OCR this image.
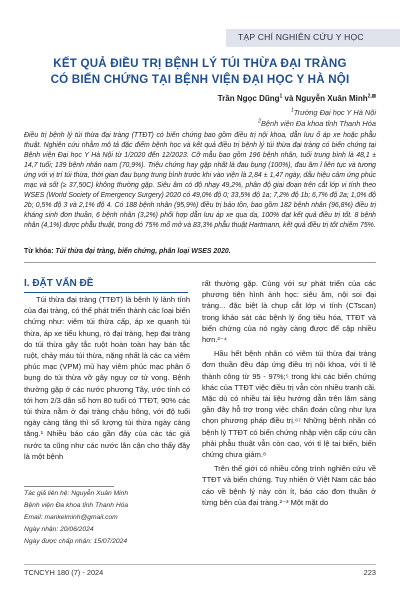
TẠP CHÍ NGHIÊN CỨU Y HỌC
KẾT QUẢ ĐIỀU TRỊ BỆNH LÝ TÚI THỪA ĐẠI TRÀNG
CÓ BIẾN CHỨNG TẠI BỆNH VIỆN ĐẠI HỌC Y HÀ NỘI
Trần Ngọc Dũng$^1$ và Nguyễn Xuân Minh$^{2,⊠}$
$^1$Trường Đại học Y Hà Nội
$^2$Bệnh viện Đa khoa tỉnh Thanh Hóa
Điều trị bệnh lý túi thừa đại tràng (TTĐT) có biến chứng bao gồm điều trị nội khoa, dẫn lưu ổ áp xe hoặc phẫu thuật. Nghiên cứu nhằm mô tả đặc điểm bệnh học và kết quả điều trị bệnh lý túi thừa đại tràng có biến chứng tại Bệnh viện Đại học Y Hà Nội từ 1/2020 đến 12/2023. Cỡ mẫu bao gồm 196 bệnh nhân, tuổi trung bình là 48,1 ± 14,7 tuổi; 139 bệnh nhân nam (70,9%). Triệu chứng hay gặp nhất là đau bụng (100%), đau âm ỉ liên tục và tương ứng với vị trí túi thừa, thời gian đau bụng trung bình trước khi vào viện là 2,84 ± 1,47 ngày, dấu hiệu cảm ứng phúc mạc và sốt (≥ 37,50C) không thường gặp. Siêu âm có độ nhạy 49,2%, phân độ giai đoạn trên cắt lớp vi tính theo WSES (World Society of Emergency Surgery) 2020 có 49,0% độ 0; 33,5% độ 1a; 7,2% độ 1b; 6,7% độ 2a; 1,0% độ 2b; 0,5% độ 3 và 2,1% độ 4. Có 188 bệnh nhân (95,9%) điều trị bảo tồn, bao gồm 182 bệnh nhân (96,8%) điều trị kháng sinh đơn thuần, 6 bệnh nhân (3,2%) phối hợp dẫn lưu áp xe qua da, 100% đạt kết quả điều trị tốt. 8 bệnh nhân (4,1%) được phẫu thuật, trong đó 75% mổ mở và 83,3% phẫu thuật Hartmann, kết quả điều trị tốt chiếm 75%.
Từ khóa: Túi thừa đại tràng, biến chứng, phân loại WSES 2020.
I. ĐẶT VẤN ĐỀ

Túi thừa đại tràng (TTĐT) là bệnh lý lành tính của đại tràng, có thể phát triển thành các loại biến chứng như: viêm túi thừa cấp, áp xe quanh túi thừa, áp xe tiểu khung, rò đại tràng, hẹp đại tràng do túi thừa gây tắc ruột hoàn toàn hay bán tắc ruột, chảy máu túi thừa, nặng nhất là các ca viêm phúc mạc (VPM) mủ hay viêm phúc mạc phân ổ bụng do túi thừa vỡ gây nguy cơ tử vong. Bệnh thường gặp ở các nước phương Tây, ước tính có tới hơn 2/3 dân số hơn 80 tuổi có TTĐT, 90% các túi thừa nằm ở đại tràng chậu hông, với độ tuổi ngày càng tăng thì số lượng túi thừa ngày càng tăng.¹ Nhiều báo cáo gần đây của các tác giả nước ta cũng như các nước lân cận cho thấy đây là một bệnh

rất thường gặp. Cùng với sự phát triển của các phương tiện hình ảnh học: siêu âm, nội soi đại tràng... đặc biệt là chụp cắt lớp vi tính (CTscan) trong khảo sát các bệnh lý ống tiêu hóa, TTĐT và biến chứng của nó ngày càng được để cập nhiều hơn.²⁻⁴

Hầu hết bệnh nhân có viêm túi thừa đại tràng đơn thuần đều đáp ứng điều trị nội khoa, với tỉ lệ thành công từ 95 - 97%;⁵ trong khi các biến chứng khác của TTĐT việc điều trị vẫn còn nhiều tranh cãi. Mặc dù có nhiều tài liệu hướng dẫn trên lâm sàng gần đây hỗ trợ trong việc chẩn đoán cũng như lựa chọn phương pháp điều trị.⁶⁷ Những bệnh nhân có bệnh lý TTĐT có biến chứng nhập viện cấp cứu cần phải phẫu thuật vẫn còn cao, với tỉ lệ tai biến, biến chứng chưa giảm.⁸

Trên thế giới có nhiều công trình nghiên cứu về TTĐT và biến chứng. Tuy nhiên ở Việt Nam các báo cáo về bệnh lý này còn ít, báo cáo đơn thuần ở từng bên của đại tràng.²⁻³ Một mặt do

Tác giả liên hệ: Nguyễn Xuân Minh
Bệnh viện Đa khoa tỉnh Thanh Hóa
Email: mankelminh@gmail.com
Ngày nhận: 20/06/2024
Ngày được chấp nhận: 15/07/2024
TCNCYH 180 (7) - 2024	223
